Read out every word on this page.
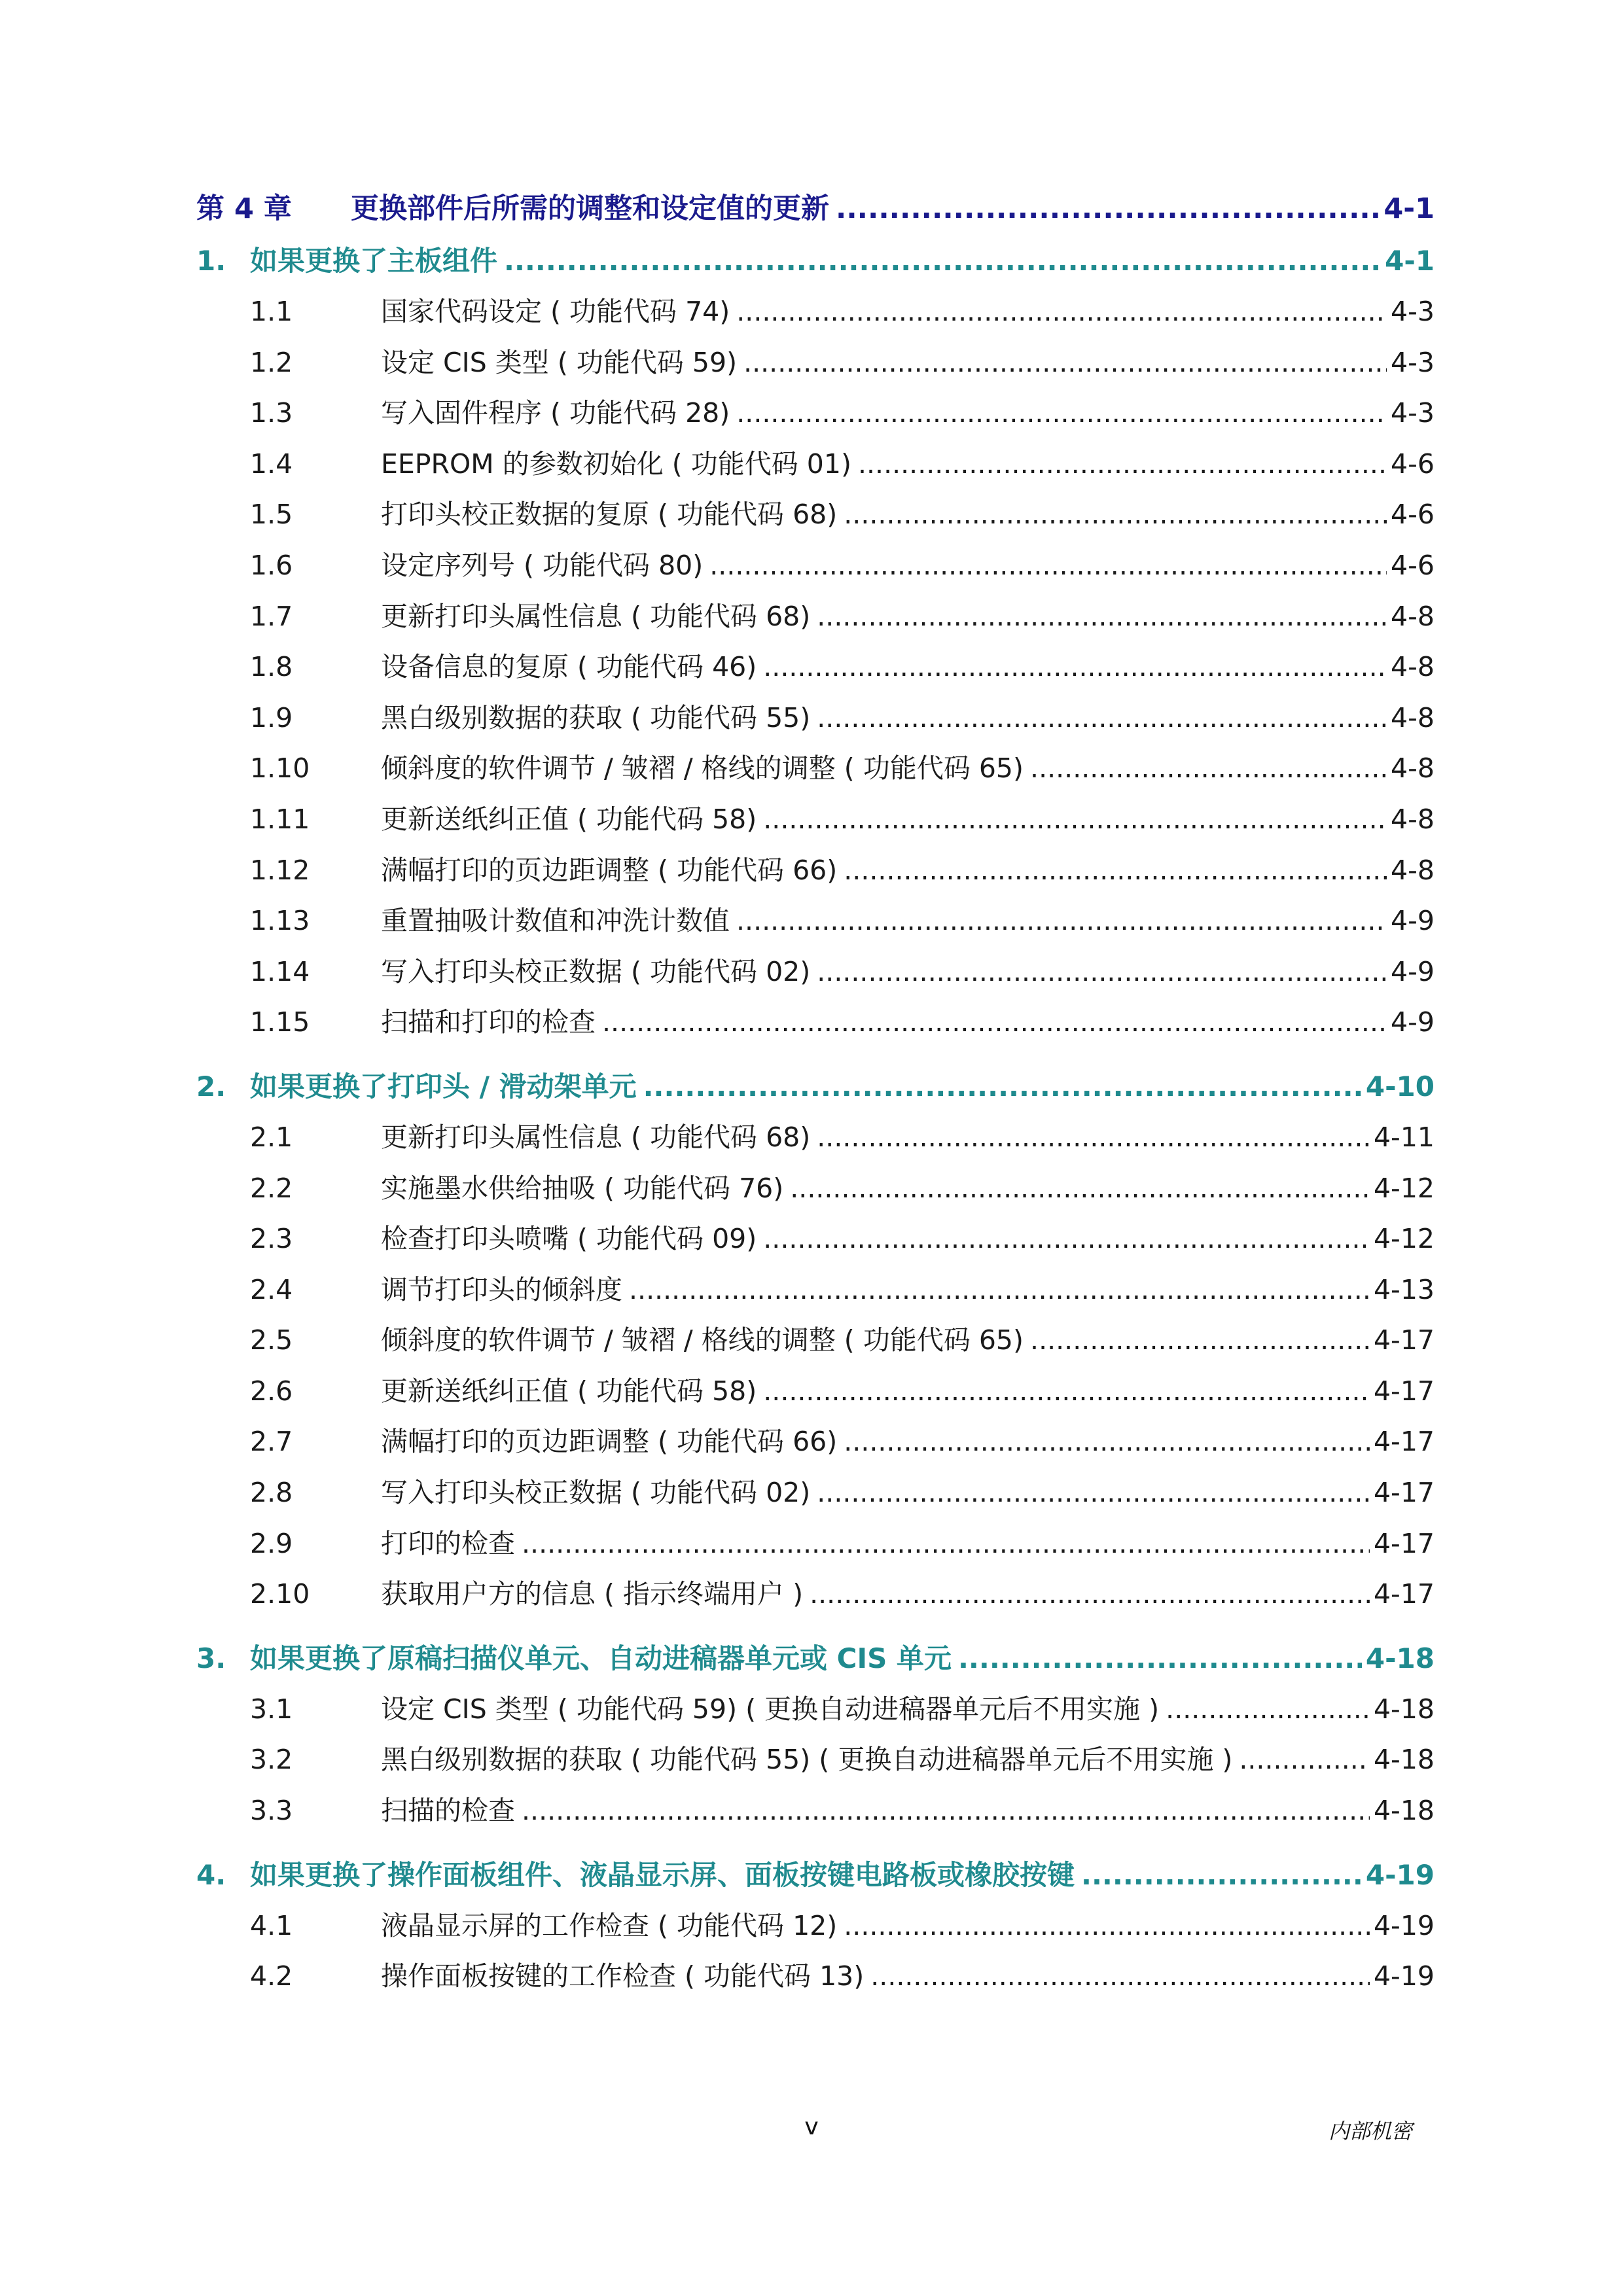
第 4 章	更换部件后所需的调整和设定值的更新 .....	4-1
1. 如果更换了主板组件 .....	4-1
1.1	国家代码设定 ( 功能代码 74) .....	4-3
1.2	设定 CIS 类型 ( 功能代码 59) .....	4-3
1.3	写入固件程序 ( 功能代码 28) .....	4-3
1.4	EEPROM 的参数初始化 ( 功能代码 01) .....	4-6
1.5	打印头校正数据的复原 ( 功能代码 68) .....	4-6
1.6	设定序列号 ( 功能代码 80) .....	4-6
1.7	更新打印头属性信息 ( 功能代码 68) .....	4-8
1.8	设备信息的复原 ( 功能代码 46) .....	4-8
1.9	黑白级别数据的获取 ( 功能代码 55) .....	4-8
1.10	倾斜度的软件调节 / 皱褶 / 格线的调整 ( 功能代码 65) .....	4-8
1.11	更新送纸纠正值 ( 功能代码 58) .....	4-8
1.12	满幅打印的页边距调整 ( 功能代码 66) .....	4-8
1.13	重置抽吸计数值和冲洗计数值 .....	4-9
1.14	写入打印头校正数据 ( 功能代码 02) .....	4-9
1.15	扫描和打印的检查 .....	4-9
2. 如果更换了打印头 / 滑动架单元 .....	4-10
2.1	更新打印头属性信息 ( 功能代码 68) .....	4-11
2.2	实施墨水供给抽吸 ( 功能代码 76) .....	4-12
2.3	检查打印头喷嘴 ( 功能代码 09) .....	4-12
2.4	调节打印头的倾斜度 .....	4-13
2.5	倾斜度的软件调节 / 皱褶 / 格线的调整 ( 功能代码 65) .....	4-17
2.6	更新送纸纠正值 ( 功能代码 58) .....	4-17
2.7	满幅打印的页边距调整 ( 功能代码 66) .....	4-17
2.8	写入打印头校正数据 ( 功能代码 02) .....	4-17
2.9	打印的检查 .....	4-17
2.10	获取用户方的信息 ( 指示终端用户 ) .....	4-17
3. 如果更换了原稿扫描仪单元、自动进稿器单元或 CIS 单元 .....	4-18
3.1	设定 CIS 类型 ( 功能代码 59) ( 更换自动进稿器单元后不用实施 ) .....	4-18
3.2	黑白级别数据的获取 ( 功能代码 55) ( 更换自动进稿器单元后不用实施 ) .....	4-18
3.3	扫描的检查 .....	4-18
4. 如果更换了操作面板组件、液晶显示屏、面板按键电路板或橡胶按键 .....	4-19
4.1	液晶显示屏的工作检查 ( 功能代码 12) .....	4-19
4.2	操作面板按键的工作检查 ( 功能代码 13) .....	4-19
v	内部机密
